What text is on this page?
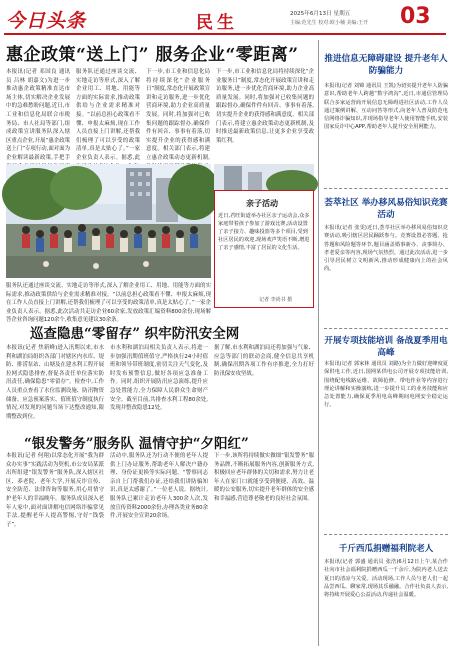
今日头条	民生	2025年6月13日 星期五
主编:范先生 校对:欧小楠 美编:王开 03
惠企政策“送上门” 服务企业“零距离”
本报讯(记者 邓国良 通讯员 吕林 胡嘉文)为进一步推动惠企政策精准直达市场主体,切实解决企业发展中的急难愁盼问题,近日,市工业和信息化局联合市税务局、市人社局等部门,组成政策宣讲服务队深入辖区重点企业,开展“惠企政策送上门”专项行动,面对面为企业解读最新政策,手把手
服务队还通过座谈交流、实地走访等形式,深入了解企业用工、用地、用能等方面的实际需求,推动政策供给与企业需求精准对接。“以前总担心政策看不懂、申报太麻烦,现在工作人员直接上门讲解,还帮我们梳理了可以享受的政策清单,真是太贴心了。”一家企业负责人表示。据悉,此
下一步,市工业和信息化局将持续深化“企业服务日”制度,常态化开展政策宣讲和走访服务,进一步优化营商环境,助力企业高质量发展。同时,将加强对已收集问题的跟踪督办,确保件件有回音、事事有着落,切实提升企业的获得感和满意度。相关部门表示,将建立惠企政策动态更新机制,
下一步,市工业和信息化局将持续深化“企业服务日”制度,常态化开展政策宣讲和走访服务,进一步优化营商环境,助力企业高质量发展。同时,将加强对已收集问题的跟踪督办,确保件件有回音、事事有着落,切实提升企业的获得感和满意度。相关部门表示,将建立惠企政策动态更新机制,及时推送最新政策信息,让更多企业享受政策红利。
亲子活动
近日,君旺街道举办社区亲子运动会,众多家庭带着孩子参加了游戏比赛,活动设置了亲子接力、趣味投篮等多个项目,受到社区居民的欢迎,现场欢声笑语不断,增进了亲子感情,丰富了居民的文化生活。
记者 李尚书 摄
服务队还通过座谈交流、实地走访等形式,深入了解企业用工、用地、用能等方面的实际需求,推动政策供给与企业需求精准对接。“以前总担心政策看不懂、申报太麻烦,现在工作人员直接上门讲解,还帮我们梳理了可以享受的政策清单,真是太贴心了。”一家企业负责人表示。据悉,此次活动共走访企业60余家,发放政策汇编资料800余份,现场解答企业咨询问题120余个,收集意见建议30余条。
巡查隐患“零留存” 织牢防汛安全网
本报讯(记者 焦新峰)进入汛期以来,市水利和湖泊局组织各部门对辖区内水库、堤防、排涝泵站、山塘及在建水利工程开展拉网式隐患排查,督促各责任单位落实防汛责任,确保隐患“零留存”。检查中,工作人员重点查看了水位监测设施、防汛物资储备、应急预案落实、值班值守制度执行情况,对发现的问题当场下达整改通知,限期整改到位。
市水利和湖泊局相关负责人表示,将进一步加强汛期值班值守,严格执行24小时值班和领导带班制度,密切关注天气变化,及时发布预警信息,做好各项应急准备工作。同时,组织开展防汛应急演练,提升应急处置能力,全力保障人民群众生命财产安全。截至目前,共排查水利工程80余处,发现并整改隐患12处。
据了解,市水利和湖泊局还将加强与气象、应急等部门的联动会商,健全信息共享机制,确保汛期各项工作有序推进,全力打好防汛保安攻坚战。
“银发警务”服务队 温情守护“夕阳红”
本报讯(记者 何翔)以常态化开展“我为群众办实事”实践活动为契机,市公安局某派出所组建“银发警务”服务队,深入辖区社区、养老院、老年大学,开展反诈宣传、安全防范、法律咨询等服务,用心用情守护老年人的幸福晚年。服务队成员深入老年人家中,面对面讲解电信网络诈骗常见手法,提醒老年人提高警惕,守好“钱袋子”。
活动中,服务队还为行动不便的老年人提供上门办证服务,帮助老年人解决户籍办理、身份证更换等实际问题。“警察同志亲自上门帮我们办证,还给我们讲防骗知识,真是太感谢了。”一位老人说。据统计,服务队已累计走访老年人300余人次,发放宣传资料2000余份,办理各类业务80余件,开展安全宣讲20余场。
下一步,该所将持续做实做细“银发警务”服务品牌,不断拓展服务内容,创新服务方式,积极回应老年群体的关切和需求,努力让老年人在家门口就能享受到便捷、高效、温暖的公安服务,切实提升老年群体的安全感和幸福感,营造尊老敬老的良好社会氛围。
推进信息无障碍建设 提升老年人防骗能力
本报讯(记者 刘锦 通讯员 王凯)为切实提升老年人防骗意识,帮助老年人跨越“数字鸿沟”,近日,市通信管理局联合多家运营商开展信息无障碍进社区活动,工作人员通过案例讲解、互动问答等形式,向老年人普及防范电信网络诈骗知识,并现场指导老年人使用智能手机,安装国家反诈中心APP,帮助老年人提升安全用网能力。
荟萃社区 举办移风易俗知识竞赛活动
本报讯(记者 张雯)近日,荟萃社区举办移风易俗知识竞赛活动,吸引辖区居民踊跃参与。竞赛设置必答题、抢答题和风险题等环节,题目涵盖婚事新办、丧事简办、孝老爱亲等内容,现场气氛热烈。通过此次活动,进一步引导居民树立文明新风,推动形成健康向上的社会风尚。
开展专项技能培训 备战夏季用电高峰
本报讯(记者 郭家林 通讯员 刘路)为全力做好迎峰度夏保供电工作,近日,国网某供电公司开展专项技能培训,围绕配电线路运维、故障抢修、带电作业等内容进行理论讲解和实操演练,进一步提升员工的业务技能和应急处置能力,确保夏季用电高峰期间电网安全稳定运行。
千斤西瓜捐赠福利院老人
本报讯(记者 郭盛 通讯员 张浩)6月12日上午,某合作社向市社会福利院捐赠西瓜一千余斤,为院内老人送去夏日的清凉与关爱。活动现场,工作人员与老人们一起品尝西瓜、聊家常,现场其乐融融。合作社负责人表示,将持续开展爱心公益活动,传递社会温暖。
